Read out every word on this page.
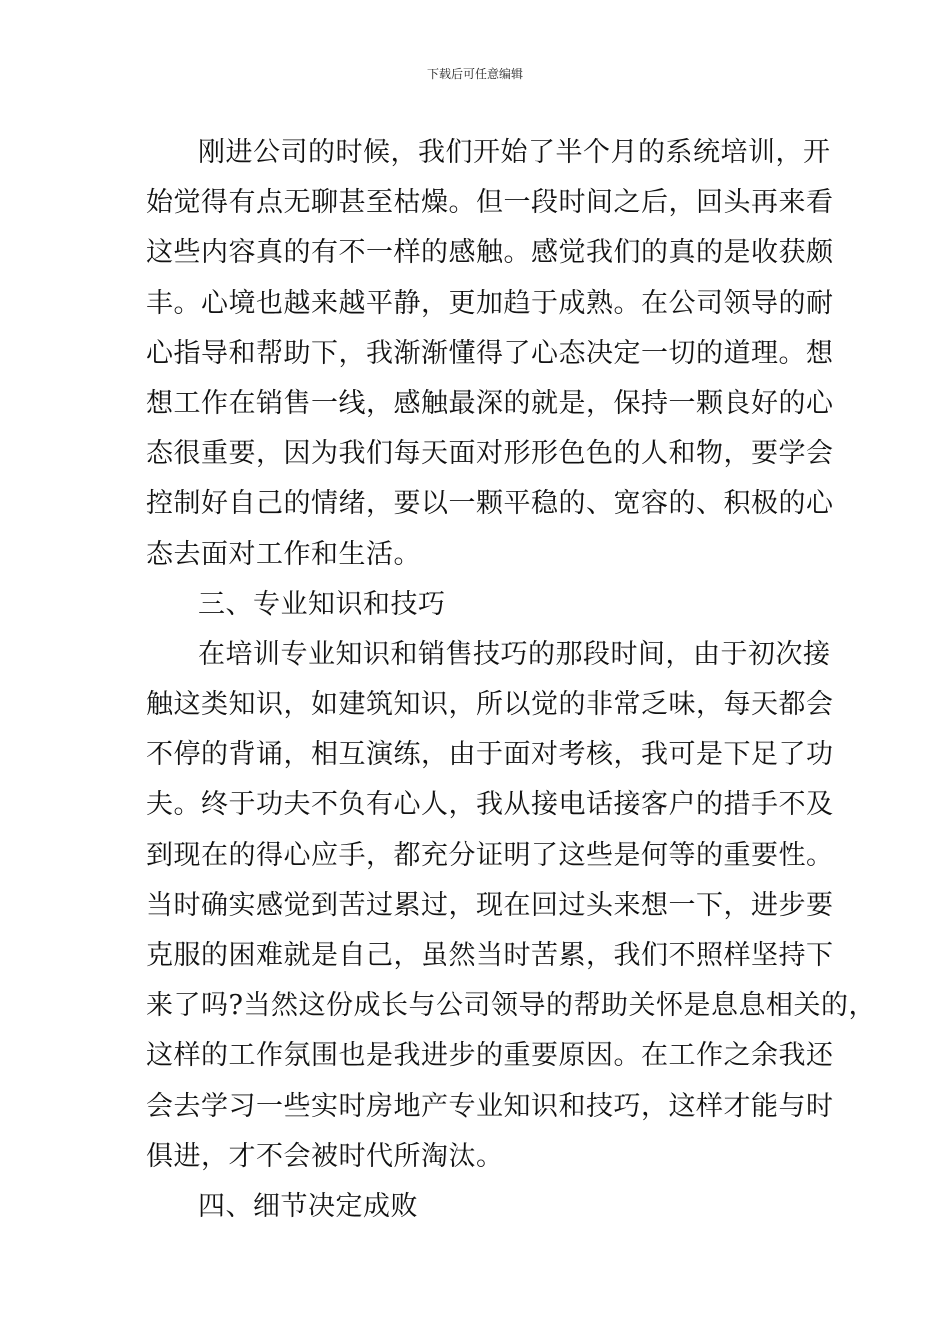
下载后可任意编辑
刚进公司的时候，我们开始了半个月的系统培训，开
始觉得有点无聊甚至枯燥。但一段时间之后，回头再来看
这些内容真的有不一样的感触。感觉我们的真的是收获颇
丰。心境也越来越平静，更加趋于成熟。在公司领导的耐
心指导和帮助下，我渐渐懂得了心态决定一切的道理。想
想工作在销售一线，感触最深的就是，保持一颗良好的心
态很重要，因为我们每天面对形形色色的人和物，要学会
控制好自己的情绪，要以一颗平稳的、宽容的、积极的心
态去面对工作和生活。
三、专业知识和技巧
在培训专业知识和销售技巧的那段时间，由于初次接
触这类知识，如建筑知识，所以觉的非常乏味，每天都会
不停的背诵，相互演练，由于面对考核，我可是下足了功
夫。终于功夫不负有心人，我从接电话接客户的措手不及
到现在的得心应手，都充分证明了这些是何等的重要性。
当时确实感觉到苦过累过，现在回过头来想一下，进步要
克服的困难就是自己，虽然当时苦累，我们不照样坚持下
来了吗?当然这份成长与公司领导的帮助关怀是息息相关的，
这样的工作氛围也是我进步的重要原因。在工作之余我还
会去学习一些实时房地产专业知识和技巧，这样才能与时
俱进，才不会被时代所淘汰。
四、细节决定成败
